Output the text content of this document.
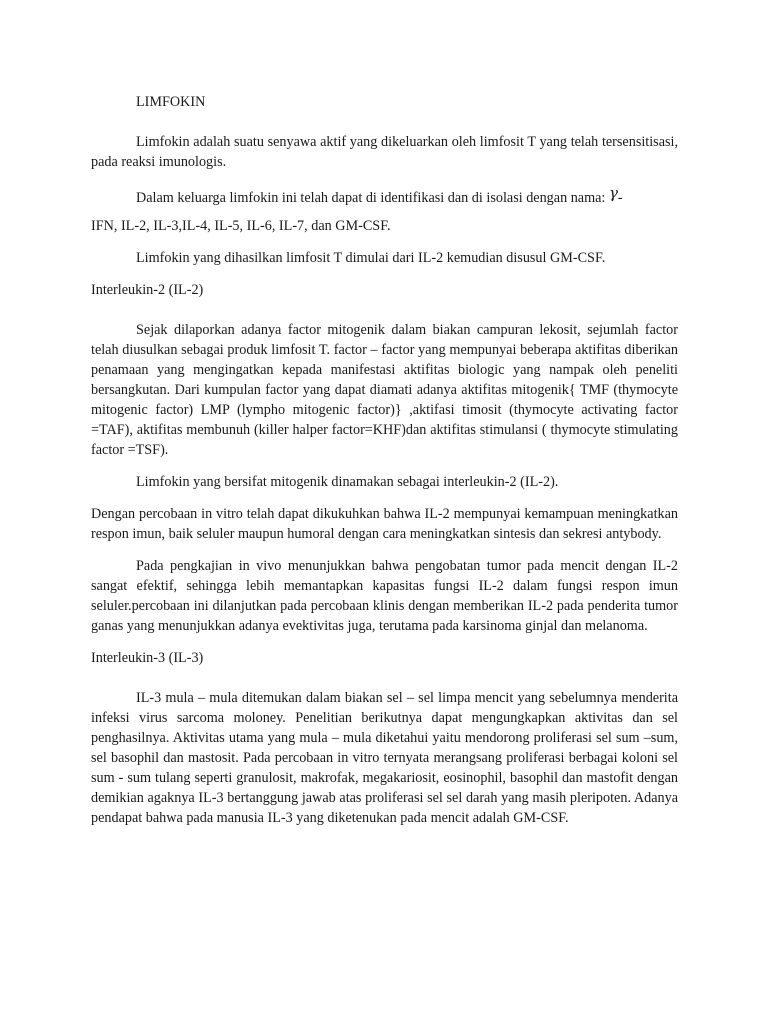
LIMFOKIN

Limfokin adalah suatu senyawa aktif yang dikeluarkan oleh limfosit T yang telah tersensitisasi, pada reaksi imunologis.

Dalam keluarga limfokin ini telah dapat di identifikasi dan di isolasi dengan nama: γ-

IFN, IL-2, IL-3,IL-4, IL-5, IL-6, IL-7, dan GM-CSF.

Limfokin yang dihasilkan limfosit T dimulai dari IL-2 kemudian disusul GM-CSF.

Interleukin-2 (IL-2)

Sejak dilaporkan adanya factor mitogenik dalam biakan campuran lekosit, sejumlah factor telah diusulkan sebagai produk limfosit T. factor – factor yang mempunyai beberapa aktifitas diberikan penamaan yang mengingatkan kepada manifestasi aktifitas biologic yang nampak oleh peneliti bersangkutan. Dari kumpulan factor yang dapat diamati adanya aktifitas mitogenik{ TMF (thymocyte mitogenic factor) LMP (lympho mitogenic factor)} ,aktifasi timosit (thymocyte activating factor =TAF), aktifitas membunuh (killer halper factor=KHF)dan aktifitas stimulansi ( thymocyte stimulating factor =TSF).

Limfokin yang bersifat mitogenik dinamakan sebagai interleukin-2 (IL-2).

Dengan percobaan in vitro telah dapat dikukuhkan bahwa IL-2 mempunyai kemampuan meningkatkan respon imun, baik seluler maupun humoral dengan cara meningkatkan sintesis dan sekresi antybody.

Pada pengkajian in vivo menunjukkan bahwa pengobatan tumor pada mencit dengan IL-2 sangat efektif, sehingga lebih memantapkan kapasitas fungsi IL-2 dalam fungsi respon imun seluler.percobaan ini dilanjutkan pada percobaan klinis dengan memberikan IL-2 pada penderita tumor ganas yang menunjukkan adanya evektivitas juga, terutama pada karsinoma ginjal dan melanoma.

Interleukin-3 (IL-3)

IL-3 mula – mula ditemukan dalam biakan sel – sel limpa mencit yang sebelumnya menderita infeksi virus sarcoma moloney. Penelitian berikutnya dapat mengungkapkan aktivitas dan sel penghasilnya. Aktivitas utama yang mula – mula diketahui yaitu mendorong proliferasi sel sum –sum, sel basophil dan mastosit. Pada percobaan in vitro ternyata merangsang proliferasi berbagai koloni sel sum - sum tulang seperti granulosit, makrofak, megakariosit, eosinophil, basophil dan mastofit dengan demikian agaknya IL-3 bertanggung jawab atas proliferasi sel sel darah yang masih pleripoten. Adanya pendapat bahwa pada manusia IL-3 yang diketenukan pada mencit adalah GM-CSF.
